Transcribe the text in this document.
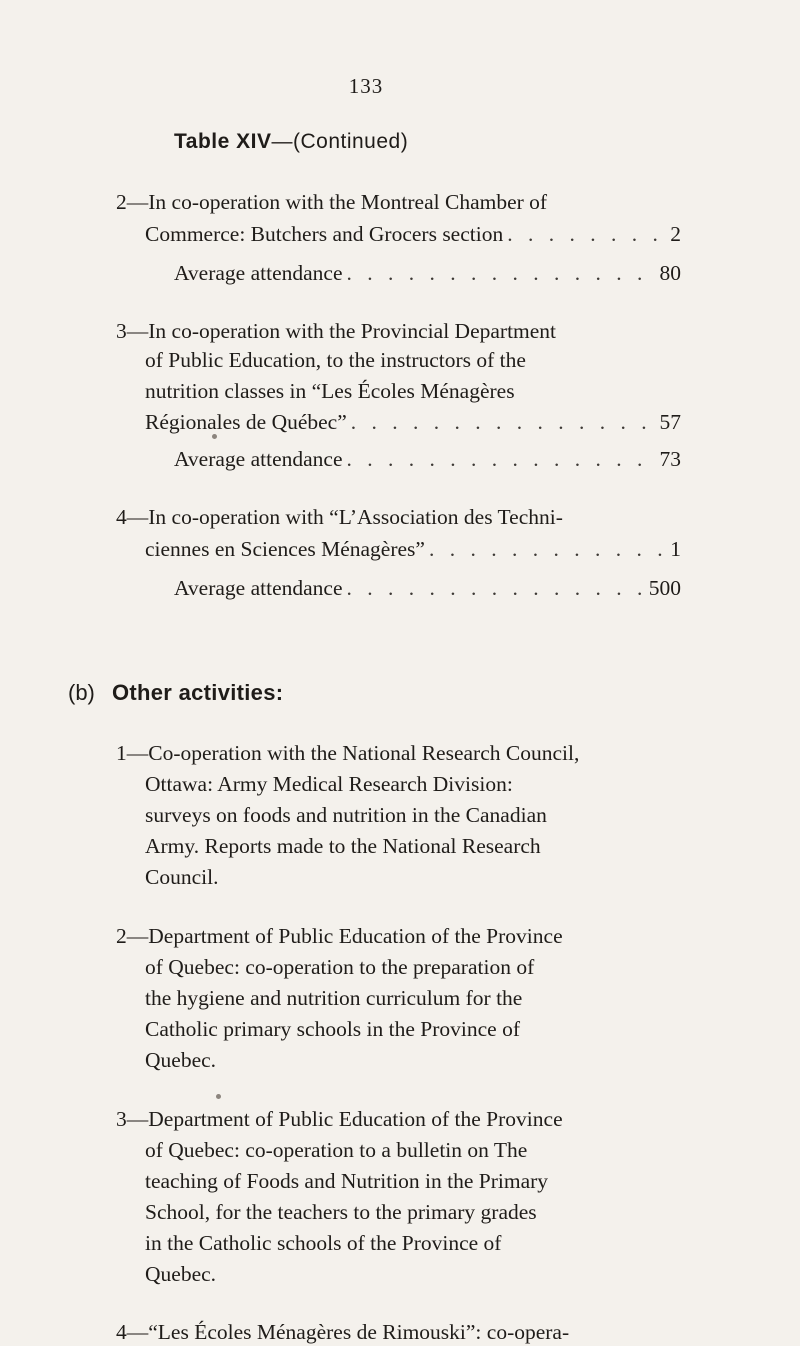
133
Table XIV—(Continued)
2—In co-operation with the Montreal Chamber of
Commerce: Butchers and Grocers section . . .	2
Average attendance . . .	80
3—In co-operation with the Provincial Department
of Public Education, to the instructors of the
nutrition classes in “Les Écoles Ménagères
Régionales de Québec” . . .	57
Average attendance . . .	73
4—In co-operation with “L’Association des Techni-
ciennes en Sciences Ménagères” . . .	1
Average attendance . . .	500
(b) Other activities:
1—Co-operation with the National Research Council,
Ottawa: Army Medical Research Division:
surveys on foods and nutrition in the Canadian
Army. Reports made to the National Research
Council.
2—Department of Public Education of the Province
of Quebec: co-operation to the preparation of
the hygiene and nutrition curriculum for the
Catholic primary schools in the Province of
Quebec.
3—Department of Public Education of the Province
of Quebec: co-operation to a bulletin on The
teaching of Foods and Nutrition in the Primary
School, for the teachers to the primary grades
in the Catholic schools of the Province of
Quebec.
4—“Les Écoles Ménagères de Rimouski”: co-opera-
